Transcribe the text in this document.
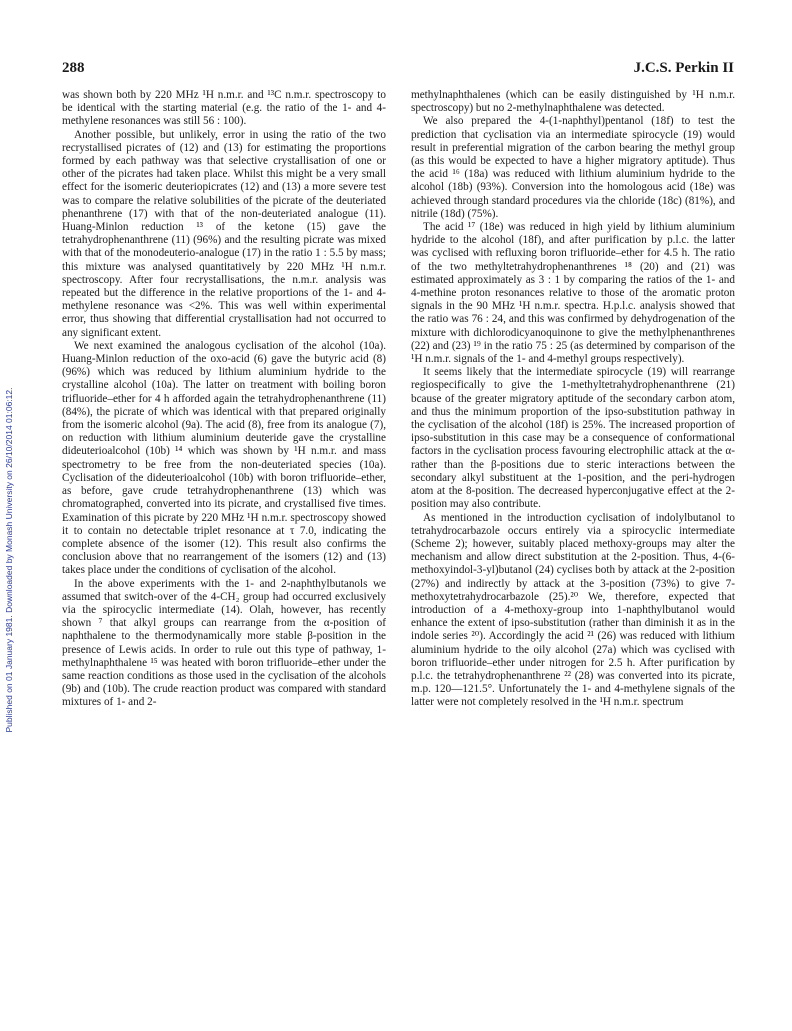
288	J.C.S. Perkin II
Published on 01 January 1981. Downloaded by Monash University on 26/10/2014 01:06:12.

was shown both by 220 MHz ¹H n.m.r. and ¹³C n.m.r. spectroscopy to be identical with the starting material (e.g. the ratio of the 1- and 4-methylene resonances was still 56 : 100).

Another possible, but unlikely, error in using the ratio of the two recrystallised picrates of (12) and (13) for estimating the proportions formed by each pathway was that selective crystallisation of one or other of the picrates had taken place. Whilst this might be a very small effect for the isomeric deuteriopicrates (12) and (13) a more severe test was to compare the relative solubilities of the picrate of the deuteriated phenanthrene (17) with that of the non-deuteriated analogue (11). Huang-Minlon reduction ¹³ of the ketone (15) gave the tetrahydrophenanthrene (11) (96%) and the resulting picrate was mixed with that of the monodeuterio-analogue (17) in the ratio 1 : 5.5 by mass; this mixture was analysed quantitatively by 220 MHz ¹H n.m.r. spectroscopy. After four recrystallisations, the n.m.r. analysis was repeated but the difference in the relative proportions of the 1- and 4-methylene resonance was <2%. This was well within experimental error, thus showing that differential crystallisation had not occurred to any significant extent.

We next examined the analogous cyclisation of the alcohol (10a). Huang-Minlon reduction of the oxo-acid (6) gave the butyric acid (8) (96%) which was reduced by lithium aluminium hydride to the crystalline alcohol (10a). The latter on treatment with boiling boron trifluoride–ether for 4 h afforded again the tetrahydrophenanthrene (11) (84%), the picrate of which was identical with that prepared originally from the isomeric alcohol (9a). The acid (8), free from its analogue (7), on reduction with lithium aluminium deuteride gave the crystalline dideuterioalcohol (10b) ¹⁴ which was shown by ¹H n.m.r. and mass spectrometry to be free from the non-deuteriated species (10a). Cyclisation of the dideuterioalcohol (10b) with boron trifluoride–ether, as before, gave crude tetrahydrophenanthrene (13) which was chromatographed, converted into its picrate, and crystallised five times. Examination of this picrate by 220 MHz ¹H n.m.r. spectroscopy showed it to contain no detectable triplet resonance at τ 7.0, indicating the complete absence of the isomer (12). This result also confirms the conclusion above that no rearrangement of the isomers (12) and (13) takes place under the conditions of cyclisation of the alcohol.

In the above experiments with the 1- and 2-naphthylbutanols we assumed that switch-over of the 4-CH₂ group had occurred exclusively via the spirocyclic intermediate (14). Olah, however, has recently shown ⁷ that alkyl groups can rearrange from the α-position of naphthalene to the thermodynamically more stable β-position in the presence of Lewis acids. In order to rule out this type of pathway, 1-methylnaphthalene ¹⁵ was heated with boron trifluoride–ether under the same reaction conditions as those used in the cyclisation of the alcohols (9b) and (10b). The crude reaction product was compared with standard mixtures of 1- and 2-

methylnaphthalenes (which can be easily distinguished by ¹H n.m.r. spectroscopy) but no 2-methylnaphthalene was detected.

We also prepared the 4-(1-naphthyl)pentanol (18f) to test the prediction that cyclisation via an intermediate spirocycle (19) would result in preferential migration of the carbon bearing the methyl group (as this would be expected to have a higher migratory aptitude). Thus the acid ¹⁶ (18a) was reduced with lithium aluminium hydride to the alcohol (18b) (93%). Conversion into the homologous acid (18e) was achieved through standard procedures via the chloride (18c) (81%), and nitrile (18d) (75%).

The acid ¹⁷ (18e) was reduced in high yield by lithium aluminium hydride to the alcohol (18f), and after purification by p.l.c. the latter was cyclised with refluxing boron trifluoride–ether for 4.5 h. The ratio of the two methyltetrahydrophenanthrenes ¹⁸ (20) and (21) was estimated approximately as 3 : 1 by comparing the ratios of the 1- and 4-methine proton resonances relative to those of the aromatic proton signals in the 90 MHz ¹H n.m.r. spectra. H.p.l.c. analysis showed that the ratio was 76 : 24, and this was confirmed by dehydrogenation of the mixture with dichlorodicyanoquinone to give the methylphenanthrenes (22) and (23) ¹⁹ in the ratio 75 : 25 (as determined by comparison of the ¹H n.m.r. signals of the 1- and 4-methyl groups respectively).

It seems likely that the intermediate spirocycle (19) will rearrange regiospecifically to give the 1-methyltetrahydrophenanthrene (21) bcause of the greater migratory aptitude of the secondary carbon atom, and thus the minimum proportion of the ipso-substitution pathway in the cyclisation of the alcohol (18f) is 25%. The increased proportion of ipso-substitution in this case may be a consequence of conformational factors in the cyclisation process favouring electrophilic attack at the α- rather than the β-positions due to steric interactions between the secondary alkyl substituent at the 1-position, and the peri-hydrogen atom at the 8-position. The decreased hyperconjugative effect at the 2-position may also contribute.

As mentioned in the introduction cyclisation of indolylbutanol to tetrahydrocarbazole occurs entirely via a spirocyclic intermediate (Scheme 2); however, suitably placed methoxy-groups may alter the mechanism and allow direct substitution at the 2-position. Thus, 4-(6-methoxyindol-3-yl)butanol (24) cyclises both by attack at the 2-position (27%) and indirectly by attack at the 3-position (73%) to give 7-methoxytetrahydrocarbazole (25).²⁰ We, therefore, expected that introduction of a 4-methoxy-group into 1-naphthylbutanol would enhance the extent of ipso-substitution (rather than diminish it as in the indole series ²⁰). Accordingly the acid ²¹ (26) was reduced with lithium aluminium hydride to the oily alcohol (27a) which was cyclised with boron trifluoride–ether under nitrogen for 2.5 h. After purification by p.l.c. the tetrahydrophenanthrene ²² (28) was converted into its picrate, m.p. 120—121.5°. Unfortunately the 1- and 4-methylene signals of the latter were not completely resolved in the ¹H n.m.r. spectrum
